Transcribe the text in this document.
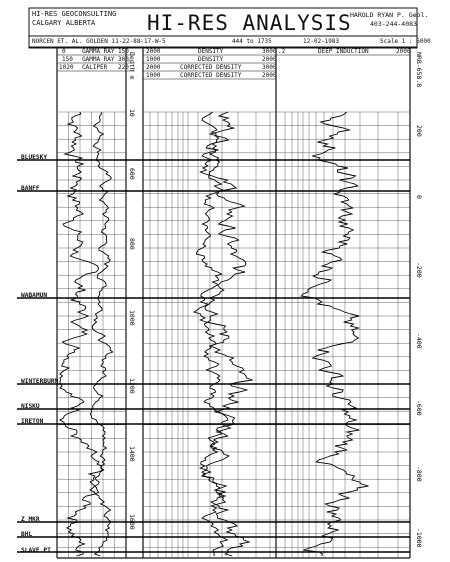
HI-RES GEOCONSULTING
CALGARY ALBERTA HI-RES ANALYSIS
HAROLD RYAN P. Geol.
403-244-4083
NORCEN ET. AL. GOLDEN 11-22-88-17-W-5	444 to 1735	12-02-1983	Scale 1 : 6000
0	GAMMA RAY 150
150 GAMMA RAY 300
1020 CALIPER 220 Depth m
2000	DENSITY	3000
1000	DENSITY	2000
2000	CORRECTED DENSITY	3000
1000	CORRECTED DENSITY	2000
.2	DEEP INDUCTION	2000
NRB-658.8
10
600
800
1000
1200
1400
1600
200
0
-200
-400
-600
-800
-1000
BLUESKY
BANFF
WABAMUN
WINTERBURN
NISKU
IRETON
Z MKR
BHL
SLAVE PT
